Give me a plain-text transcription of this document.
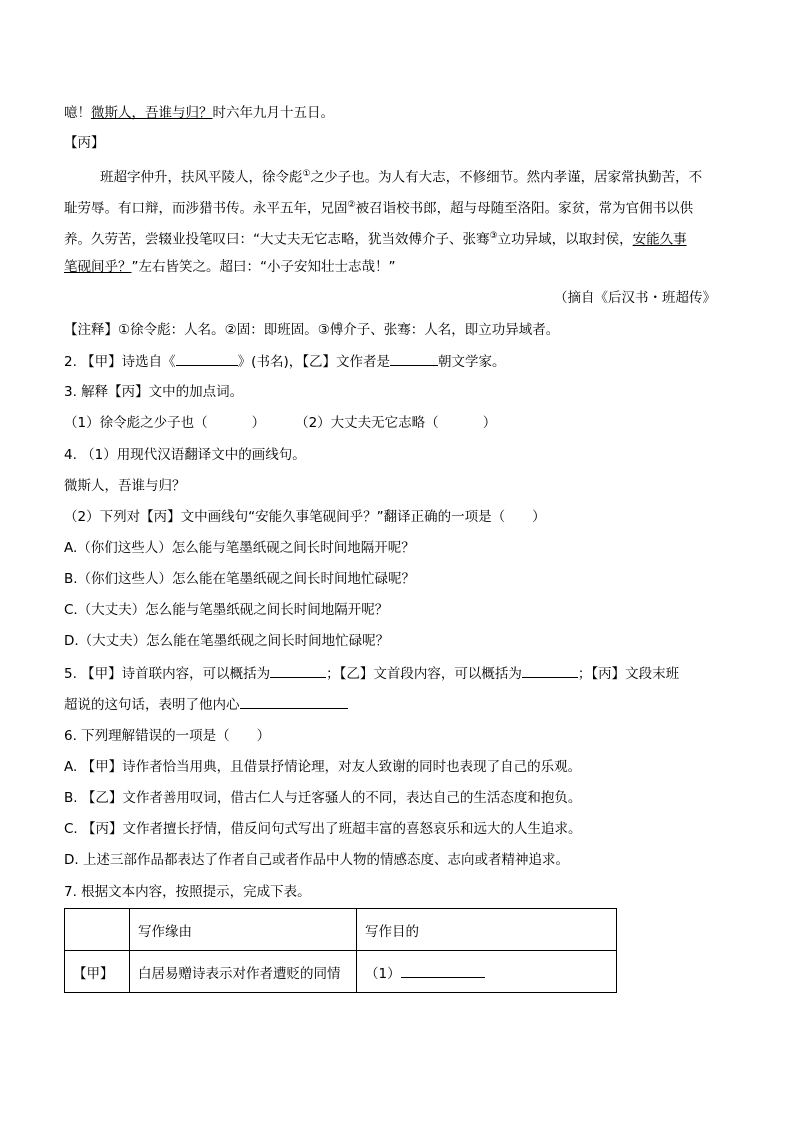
噫！微斯人，吾谁与归？时六年九月十五日。
【丙】
班超字仲升，扶风平陵人，徐令彪①之少子也。为人有大志，不修细节。然内孝谨，居家常执勤苦，不
耻劳辱。有口辩，而涉猎书传。永平五年，兄固②被召诣校书郎，超与母随至洛阳。家贫，常为官佣书以供
养。久劳苦，尝辍业投笔叹曰：“大丈夫无它志略，犹当效傅介子、张骞③立功异域，以取封侯，安能久事
笔砚间乎？”左右皆笑之。超曰：“小子安知壮士志哉！”
（摘自《后汉书・班超传》
【注释】①徐令彪：人名。②固：即班固。③傅介子、张骞：人名，即立功异域者。
2. 【甲】诗选自《	》(书名)，【乙】文作者是	朝文学家。
3. 解释【丙】文中的加点词。
（1）徐令彪之少子也（	） （2）大丈夫无它志略（	）
4. （1）用现代汉语翻译文中的画线句。
微斯人，吾谁与归？
（2）下列对【丙】文中画线句“安能久事笔砚间乎？”翻译正确的一项是（　　）
A.（你们这些人）怎么能与笔墨纸砚之间长时间地隔开呢？
B.（你们这些人）怎么能在笔墨纸砚之间长时间地忙碌呢？
C.（大丈夫）怎么能与笔墨纸砚之间长时间地隔开呢？
D.（大丈夫）怎么能在笔墨纸砚之间长时间地忙碌呢？
5. 【甲】诗首联内容，可以概括为	；【乙】文首段内容，可以概括为	；【丙】文段末班
超说的这句话，表明了他内心
6. 下列理解错误的一项是（　　）
A. 【甲】诗作者恰当用典，且借景抒情论理，对友人致谢的同时也表现了自己的乐观。
B. 【乙】文作者善用叹词，借古仁人与迁客骚人的不同，表达自己的生活态度和抱负。
C. 【丙】文作者擅长抒情，借反问句式写出了班超丰富的喜怒哀乐和远大的人生追求。
D. 上述三部作品都表达了作者自己或者作品中人物的情感态度、志向或者精神追求。
7. 根据文本内容，按照提示，完成下表。
	写作缘由	写作目的
【甲】	白居易赠诗表示对作者遭贬的同情	（1）
